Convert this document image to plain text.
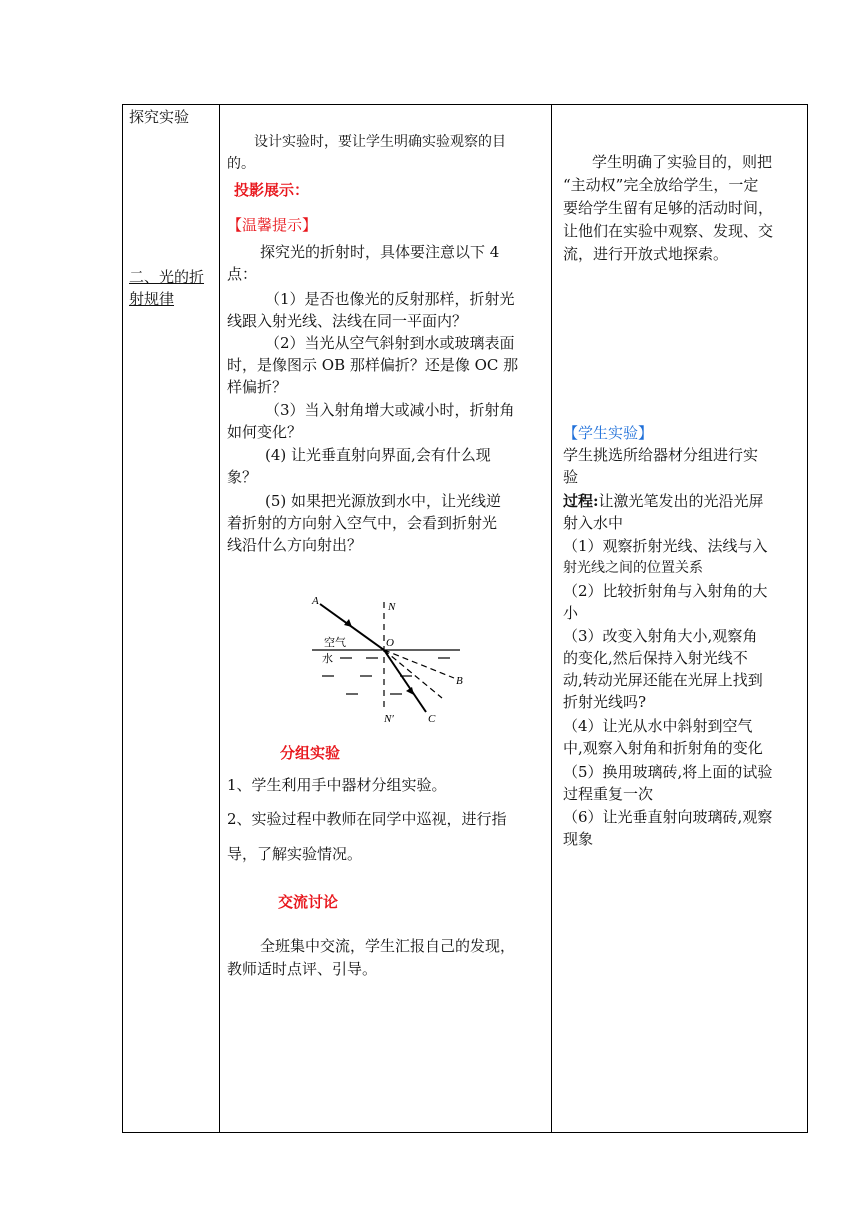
探究实验
二、光的折
射规律
设计实验时，要让学生明确实验观察的目
的。
投影展示：
【温馨提示】
探究光的折射时，具体要注意以下 4
点：
（1）是否也像光的反射那样，折射光
线跟入射光线、法线在同一平面内？
（2）当光从空气斜射到水或玻璃表面
时，是像图示 OB 那样偏折？还是像 OC 那
样偏折？
（3）当入射角增大或减小时，折射角
如何变化？
(4) 让光垂直射向界面,会有什么现
象？
(5) 如果把光源放到水中，让光线逆
着折射的方向射入空气中，会看到折射光
线沿什么方向射出？
A	N
空气	O
水
B
N′	C
分组实验
1、学生利用手中器材分组实验。
2、实验过程中教师在同学中巡视，进行指
导，了解实验情况。
交流讨论
全班集中交流，学生汇报自己的发现，
教师适时点评、引导。
学生明确了实验目的，则把
“主动权”完全放给学生，一定
要给学生留有足够的活动时间，
让他们在实验中观察、发现、交
流，进行开放式地探索。
【学生实验】
学生挑选所给器材分组进行实
验
过程:让激光笔发出的光沿光屏
射入水中
（1）观察折射光线、法线与入
射光线之间的位置关系
（2）比较折射角与入射角的大
小
（3）改变入射角大小,观察角
的变化,然后保持入射光线不
动,转动光屏还能在光屏上找到
折射光线吗?
（4）让光从水中斜射到空气
中,观察入射角和折射角的变化
（5）换用玻璃砖,将上面的试验
过程重复一次
（6）让光垂直射向玻璃砖,观察
现象
